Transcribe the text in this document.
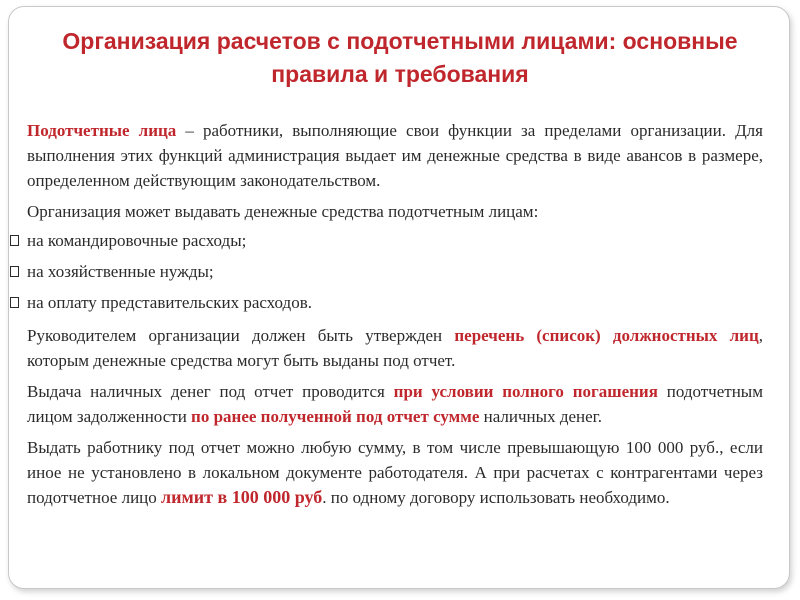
Организация расчетов с подотчетными лицами: основные правила и требования

Подотчетные лица – работники, выполняющие свои функции за пределами организации. Для выполнения этих функций администрация выдает им денежные средства в виде авансов в размере, определенном действующим законодательством.

Организация может выдавать денежные средства подотчетным лицам:

на командировочные расходы;
на хозяйственные нужды;
на оплату представительских расходов.

Руководителем организации должен быть утвержден перечень (список) должностных лиц, которым денежные средства могут быть выданы под отчет.

Выдача наличных денег под отчет проводится при условии полного погашения подотчетным лицом задолженности по ранее полученной под отчет сумме наличных денег.

Выдать работнику под отчет можно любую сумму, в том числе превышающую 100 000 руб., если иное не установлено в локальном документе работодателя. А при расчетах с контрагентами через подотчетное лицо лимит в 100 000 руб. по одному договору использовать необходимо.
